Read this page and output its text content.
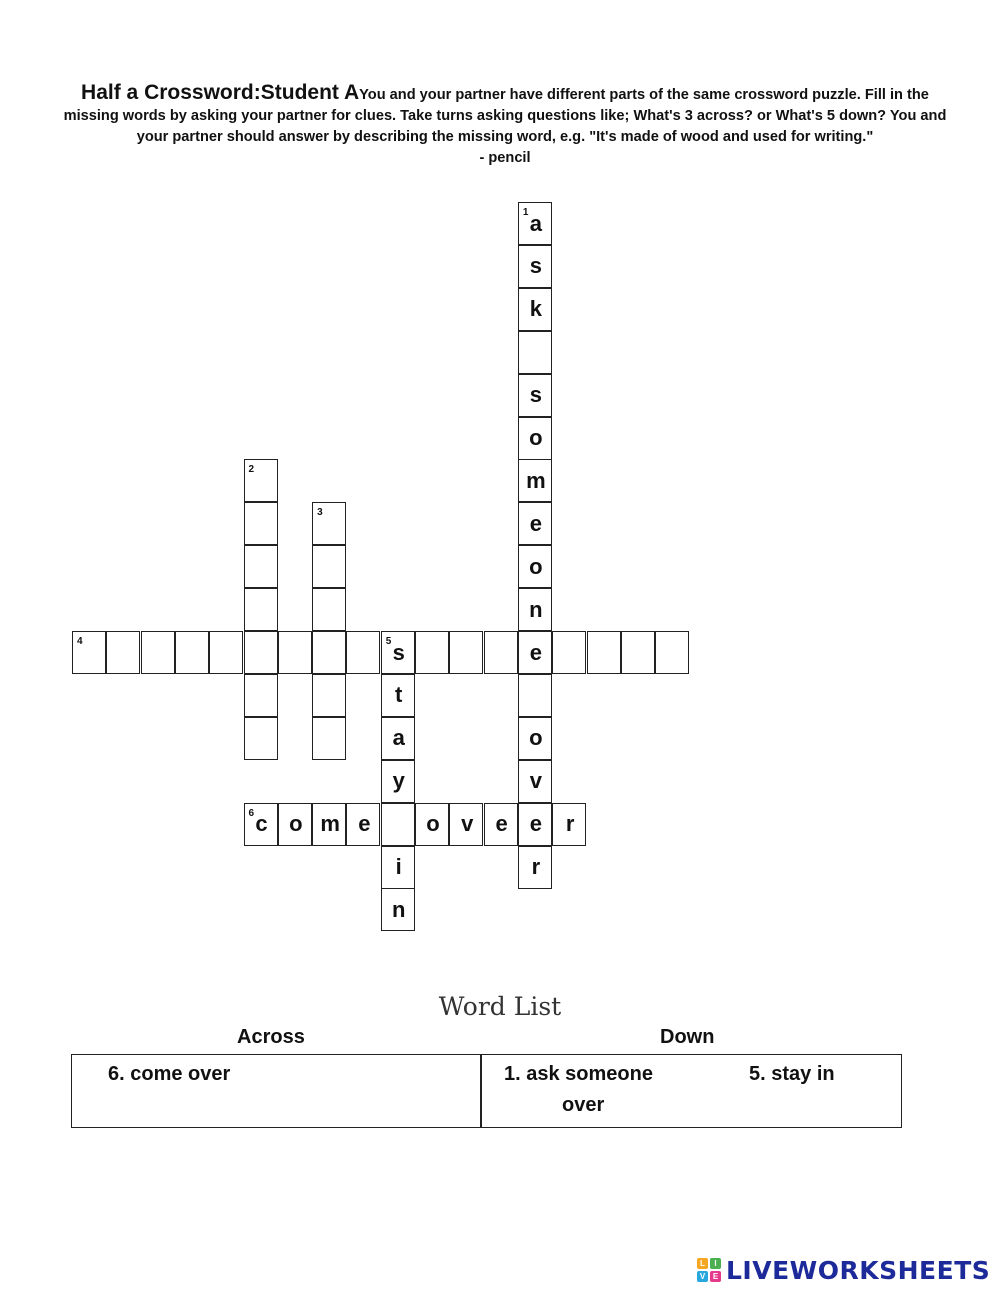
Half a Crossword:Student AYou and your partner have different parts of the same crossword puzzle. Fill in the missing words by asking your partner for clues. Take turns asking questions like; What's 3 across? or What's 5 down? You and your partner should answer by describing the missing word, e.g. "It's made of wood and used for writing."
- pencil
1 a
s
k
s
o
m
e
o
n
e
o
v
e
r
2
3
4	5 s
t
a
y
i
n
6 c o m e	o v	e	r
Word List
Across	Down
6. come over	1. ask someone
over
5. stay in
L	I
V E LIVEWORKSHEETS
